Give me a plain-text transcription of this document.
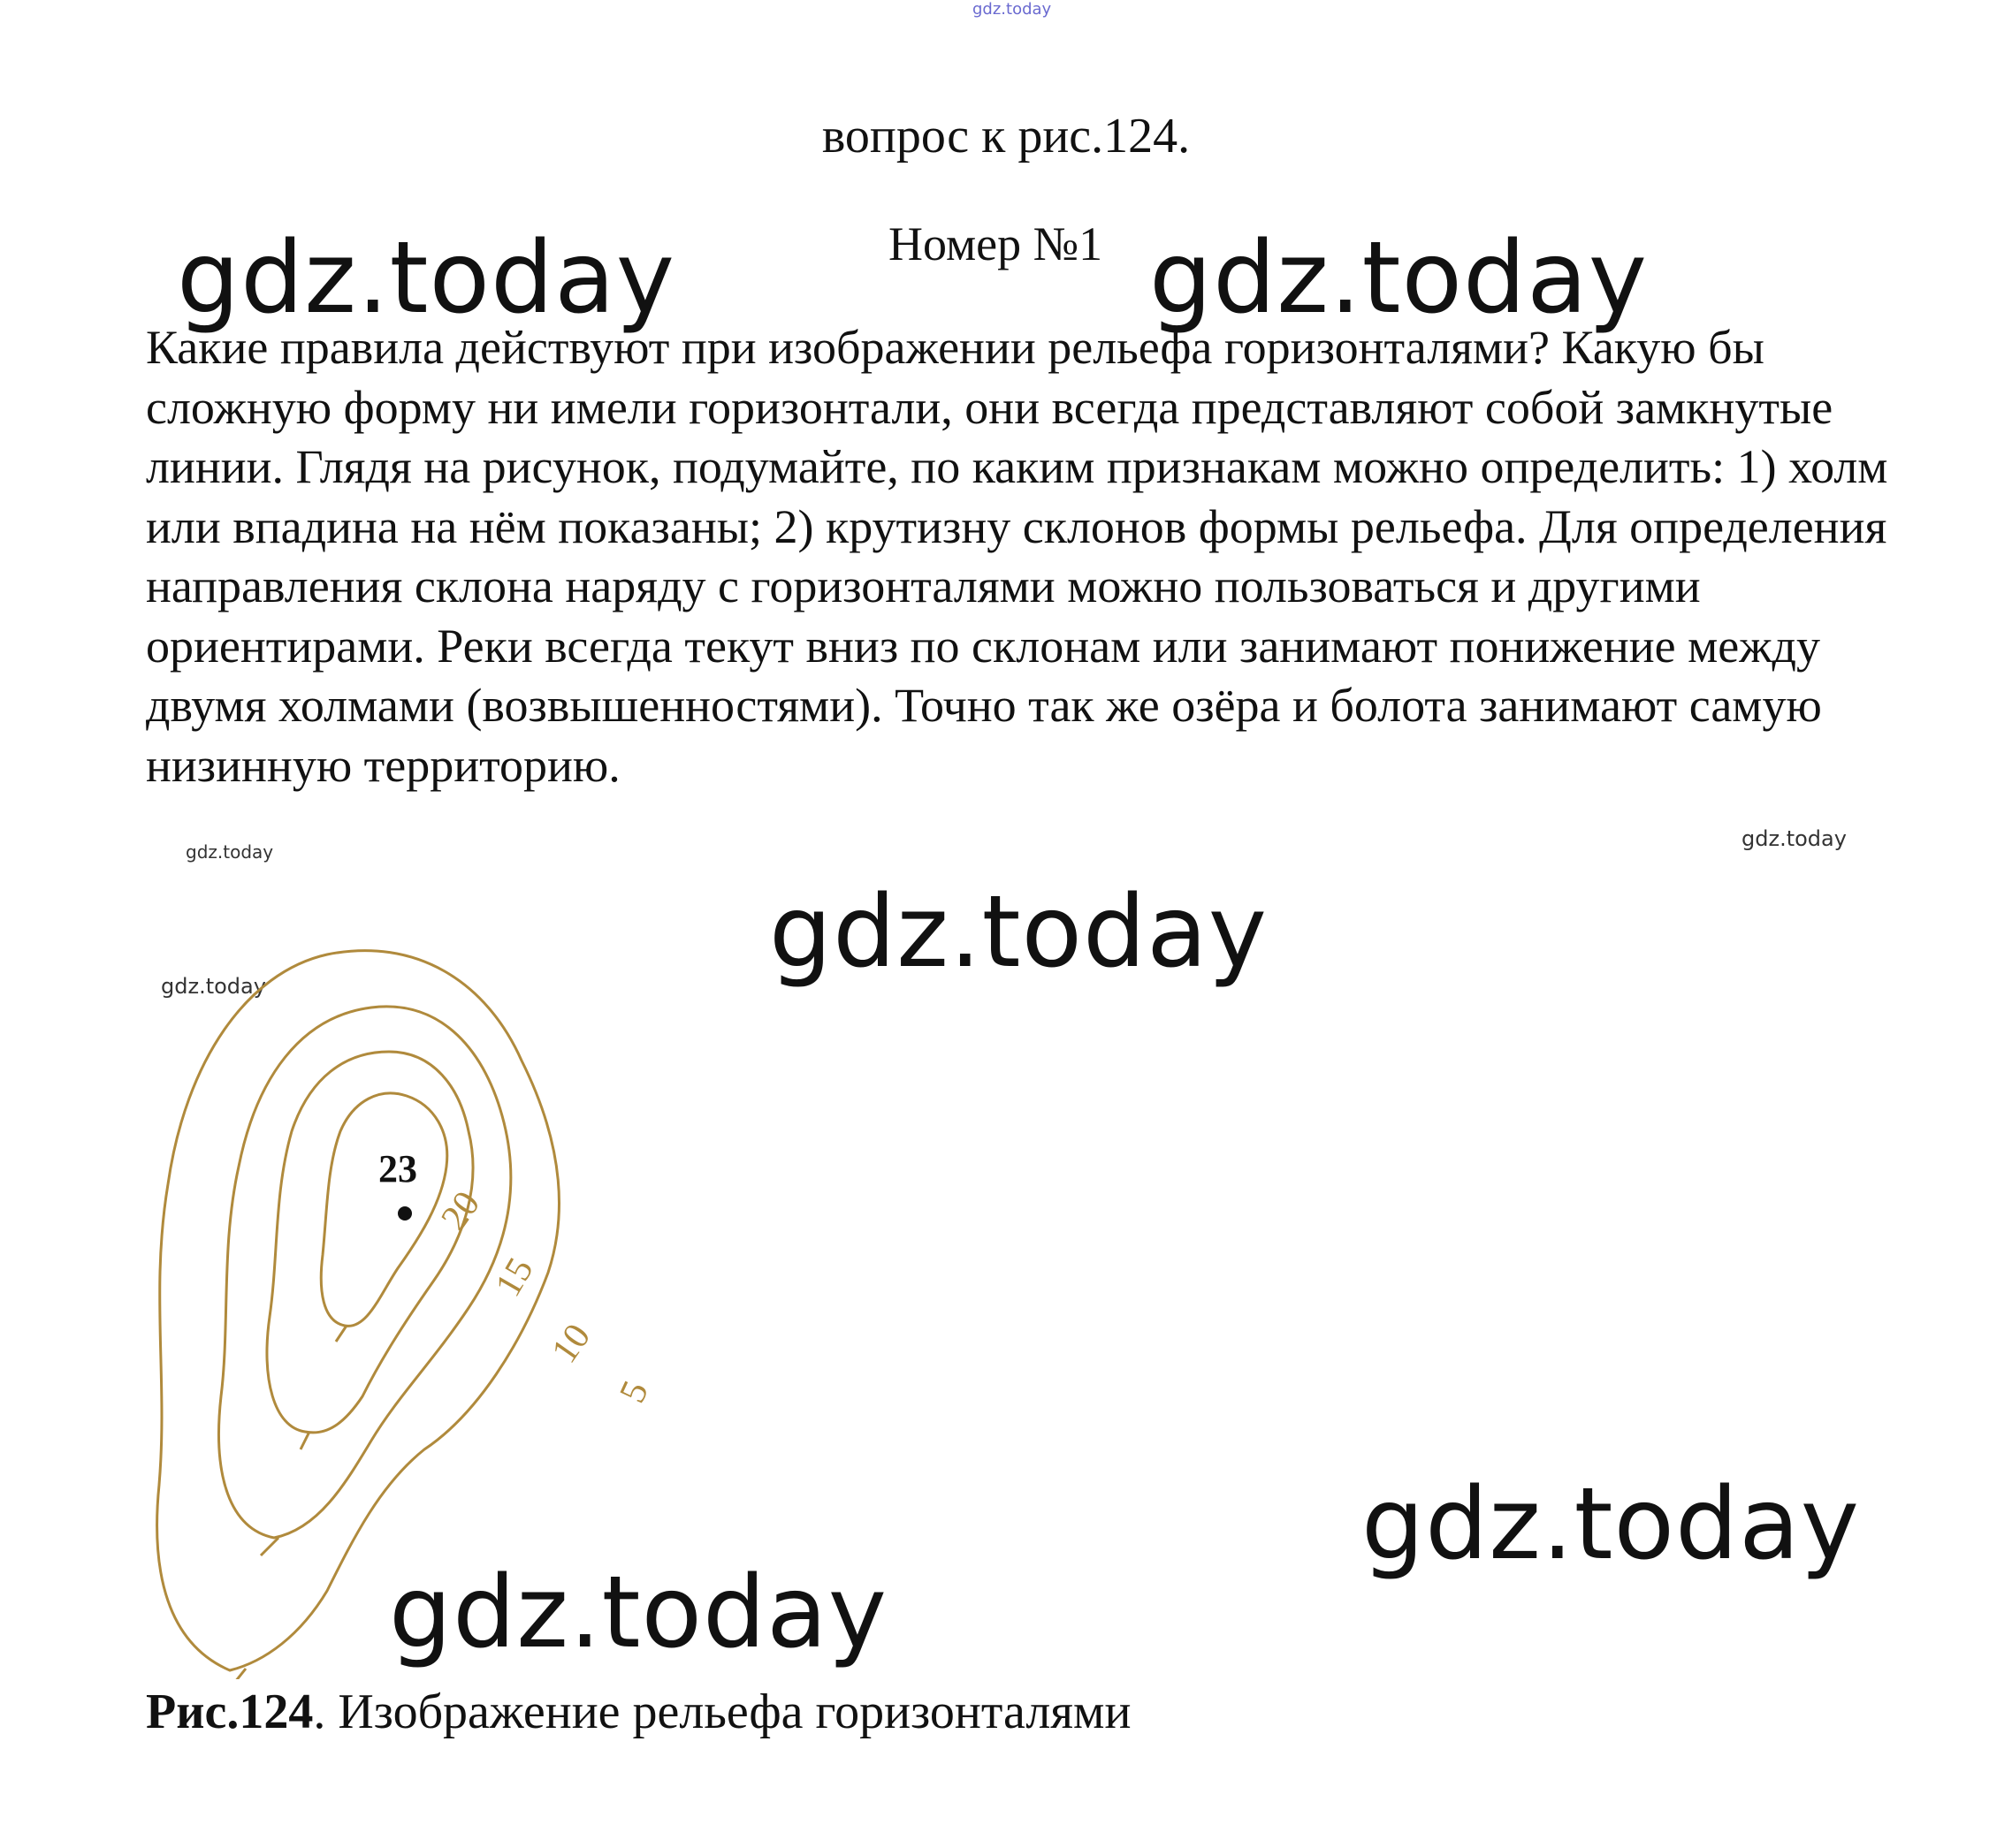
gdz.today
вопрос к рис.124.
gdz.today	Номер №1 gdz.today

Какие правила действуют при изображении рельефа горизонталями? Какую бы сложную форму ни имели горизонтали, они всегда представляют собой замкнутые линии. Глядя на рисунок, подумайте, по каким признакам можно определить: 1) холм или впадина на нём показаны; 2) крутизну склонов формы рельефа. Для определения направления склона наряду с горизонталями можно пользоваться и другими ориентирами. Реки всегда текут вниз по склонам или занимают понижение между двумя холмами (возвышенностями). Точно так же озёра и болота занимают самую низинную территорию.

gdz.today
gdz.today
gdz.today	gdz.today
23
20
15
10
5
gdz.today
gdz.today
Рис.124. Изображение рельефа горизонталями
